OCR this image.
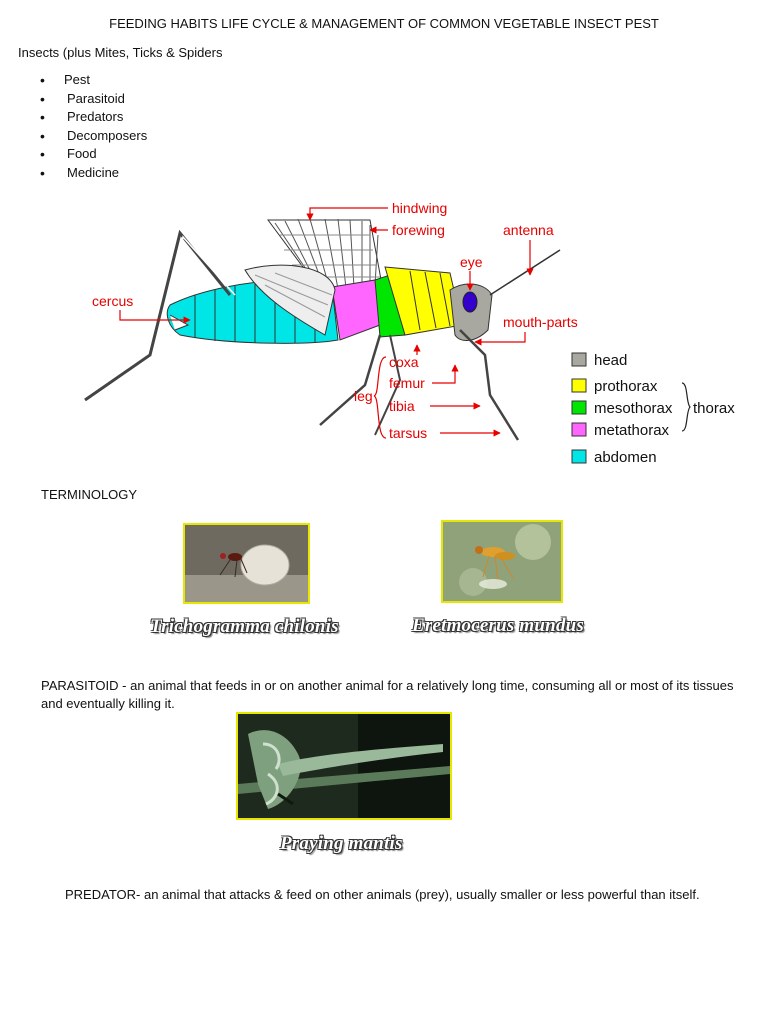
FEEDING HABITS LIFE CYCLE & MANAGEMENT OF COMMON VEGETABLE INSECT PEST
Insects (plus Mites, Ticks & Spiders
• Pest
• Parasitoid
• Predators
• Decomposers
• Food
• Medicine
hindwing
forewing	antenna
eye
cercus
mouth-parts
leg
coxa
femur
tibia
tarsus
head
prothorax
mesothorax
metathorax
abdomen
thorax
TERMINOLOGY
Trichogramma chilonis	Eretmocerus mundus
PARASITOID - an animal that feeds in or on another animal for a relatively long time, consuming all or most of its tissues and eventually killing it.
Praying mantis
PREDATOR- an animal that attacks & feed on other animals (prey), usually smaller or less powerful than itself.
